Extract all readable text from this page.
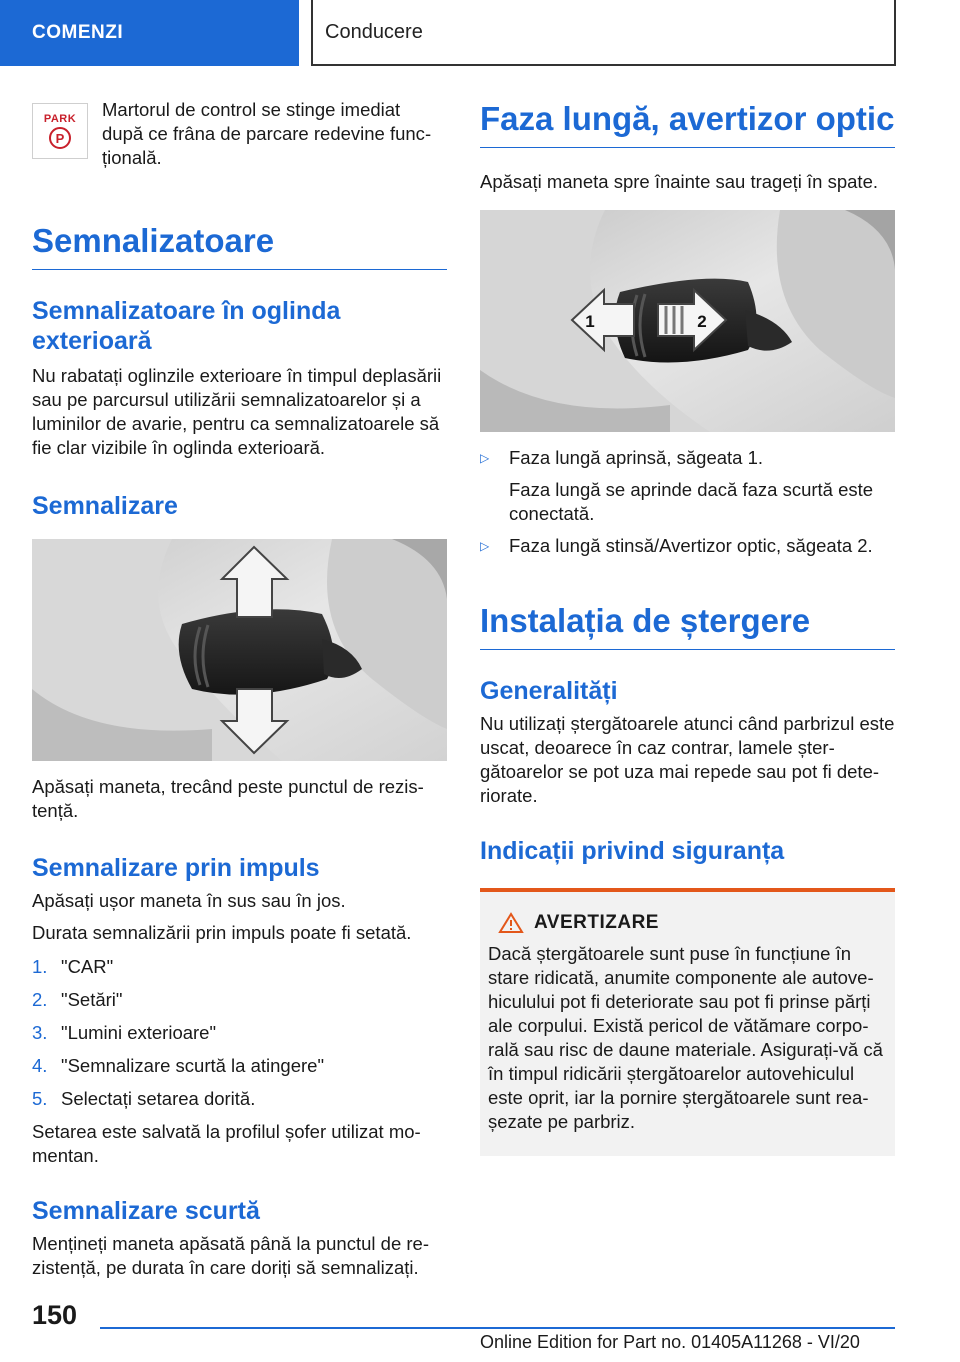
COMENZI	Conducere
PARK
P

Martorul de control se stinge imediat după ce frâna de parcare redevine func țională.

Semnalizatoare
Semnalizatoare în oglinda exterioară

Nu rabatați oglinzile exterioare în timpul deplasării sau pe parcursul utilizării semnalizatoarelor și a luminilor de avarie, pentru ca semnalizatoarele să fie clar vizibile în oglinda exterioară.

Semnalizare

Apăsați maneta, trecând peste punctul de rezis tență.

Semnalizare prin impuls

Apăsați ușor maneta în sus sau în jos.

Durata semnalizării prin impuls poate fi setată.

1. "CAR"
2. "Setări"
3. "Lumini exterioare"
4. "Semnalizare scurtă la atingere"
5. Selectați setarea dorită.

Setarea este salvată la profilul șofer utilizat mo mentan.

Semnalizare scurtă

Mențineți maneta apăsată până la punctul de re zistență, pe durata în care doriți să semnalizați.

Faza lungă, avertizor optic

Apăsați maneta spre înainte sau trageți în spate.

1	2
▷	Faza lungă aprinsă, săgeata 1.
Faza lungă se aprinde dacă faza scurtă este conectată.
▷	Faza lungă stinsă/Avertizor optic, săgeata 2.
Instalația de ștergere
Generalități

Nu utilizați ștergătoarele atunci când parbrizul este uscat, deoarece în caz contrar, lamele șter gătoarelor se pot uza mai repede sau pot fi dete riorate.

Indicații privind siguranța
AVERTIZARE

Dacă ștergătoarele sunt puse în funcțiune în stare ridicată, anumite componente ale autove hiculului pot fi deteriorate sau pot fi prinse părți ale corpului. Există pericol de vătămare corpo rală sau risc de daune materiale. Asigurați-vă că în timpul ridicării ștergătoarelor autovehiculul este oprit, iar la pornire ștergătoarele sunt rea șezate pe parbriz.

150
Online Edition for Part no. 01405A11268 - VI/20
